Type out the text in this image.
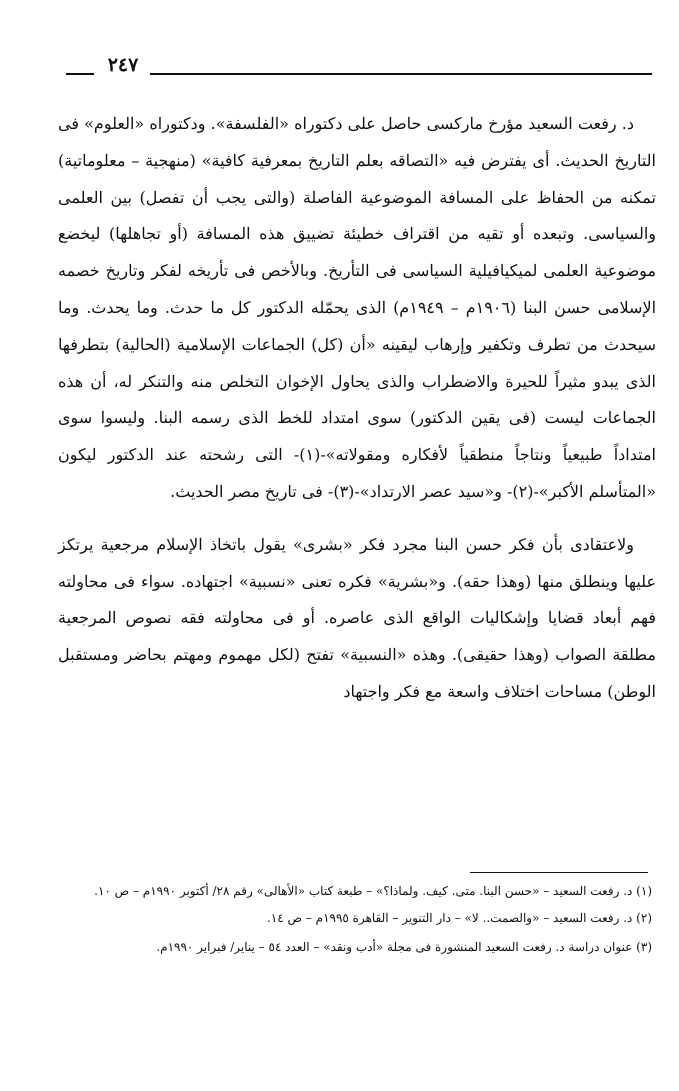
٢٤٧

د. رفعت السعيد مؤرخ ماركسى حاصل على دكتوراه «الفلسفة». ودكتوراه «العلوم» فى التاريخ الحديث. أى يفترض فيه «التصاقه بعلم التاريخ بمعرفية كافية» (منهجية – معلوماتية) تمكنه من الحفاظ على المسافة الموضوعية الفاصلة (والتى يجب أن تفصل) بين العلمى والسياسى. وتبعده أو تقيه من اقتراف خطيئة تضييق هذه المسافة (أو تجاهلها) ليخضع موضوعية العلمى لميكيافيلية السياسى فى التأريخ. وبالأخص فى تأريخه لفكر وتاريخ خصمه الإسلامى حسن البنا (١٩٠٦م – ١٩٤٩م) الذى يحمّله الدكتور كل ما حدث. وما يحدث. وما سيحدث من تطرف وتكفير وإرهاب ليقينه «أن (كل) الجماعات الإسلامية (الحالية) بتطرفها الذى يبدو مثيراً للحيرة والاضطراب والذى يحاول الإخوان التخلص منه والتنكر له، أن هذه الجماعات ليست (فى يقين الدكتور) سوى امتداد للخط الذى رسمه البنا. وليسوا سوى امتداداً طبيعياً ونتاجاً منطقياً لأفكاره ومقولاته»-(١)- التى رشحته عند الدكتور ليكون «المتأسلم الأكبر»-(٢)- و«سيد عصر الارتداد»-(٣)- فى تاريخ مصر الحديث.

ولاعتقادى بأن فكر حسن البنا مجرد فكر «بشرى» يقول باتخاذ الإسلام مرجعية يرتكز عليها وينطلق منها (وهذا حقه). و«بشرية» فكره تعنى «نسبية» اجتهاده. سواء فى محاولته فهم أبعاد قضايا وإشكاليات الواقع الذى عاصره. أو فى محاولته فقه نصوص المرجعية مطلقة الصواب (وهذا حقيقى). وهذه «النسبية» تفتح (لكل مهموم ومهتم بحاضر ومستقبل الوطن) مساحات اختلاف واسعة مع فكر واجتهاد

(١) د. رفعت السعيد – «حسن البنا. متى. كيف. ولماذا؟» – طبعة كتاب «الأهالى» رقم ٢٨/ أكتوبر ١٩٩٠م – ص ١٠.

(٢) د. رفعت السعيد – «والصمت.. لا» – دار التنوير – القاهرة ١٩٩٥م – ص ١٤.

(٣) عنوان دراسة د. رفعت السعيد المنشورة فى مجلة «أدب ونقد» – العدد ٥٤ – يناير/ فبراير ١٩٩٠م.
